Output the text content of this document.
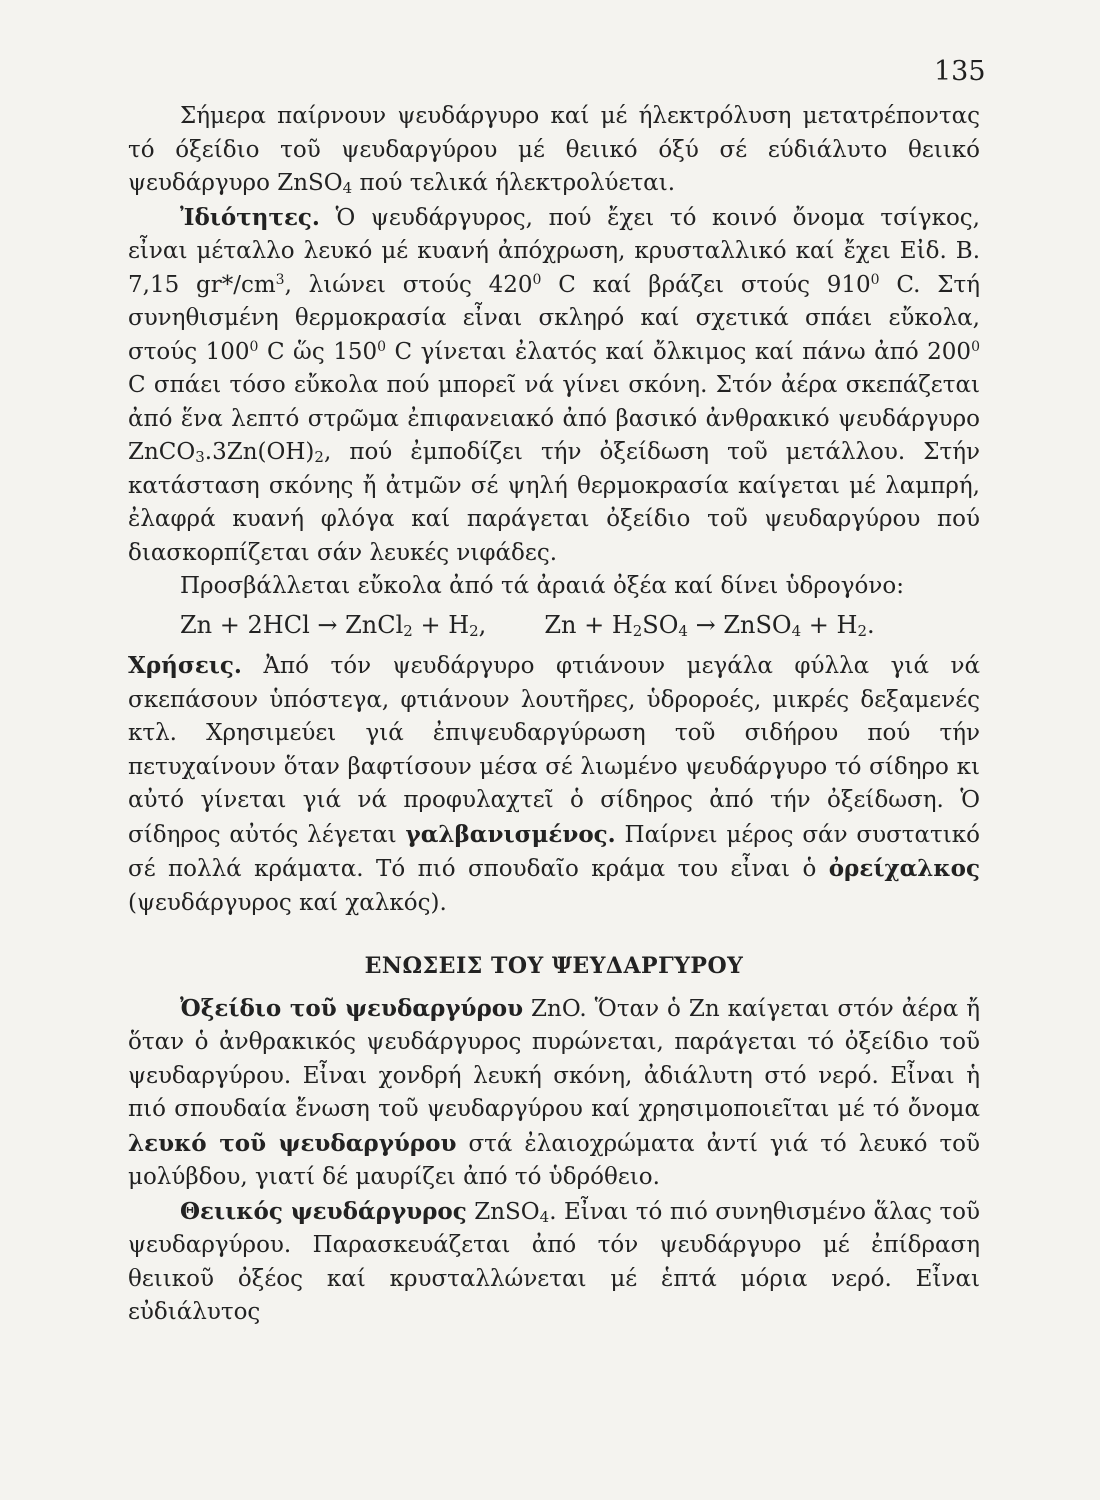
135

Σήμερα παίρνουν ψευδάργυρο καί μέ ήλεκτρόλυση μετατρέποντας τό όξείδιο τοῦ ψευδαργύρου μέ θειικό όξύ σέ εύδιάλυτο θειικό ψευδάργυρο ZnSO$_4$ πού τελικά ήλεκτρολύεται.

Ἰδιότητες. Ὁ ψευδάργυρος, πού ἔχει τό κοινό ὄνομα τσίγκος, εἶναι μέταλλο λευκό μέ κυανή ἀπόχρωση, κρυσταλλικό καί ἔχει Εἰδ. Β. 7,15 $gr*/cm^3$, λιώνει στούς $420^0$ C καί βράζει στούς $910^0$ C. Στή συνηθισμένη θερμοκρασία εἶναι σκληρό καί σχετικά σπάει εὔκολα, στούς $100^0$ C ὥς $150^0$ C γίνεται ἐλατός καί ὄλκιμος καί πάνω ἀπό $200^0$ C σπάει τόσο εὔκολα πού μπορεῖ νά γίνει σκόνη. Στόν ἀέρα σκεπάζεται ἀπό ἕνα λεπτό στρῶμα ἐπιφανειακό ἀπό βασικό ἀνθρακικό ψευδάργυρο $ZnCO_3.3Zn(OH)_2$, πού ἐμποδίζει τήν ὀξείδωση τοῦ μετάλλου. Στήν κατάσταση σκόνης ἤ ἀτμῶν σέ ψηλή θερμοκρασία καίγεται μέ λαμπρή, ἐλαφρά κυανή φλόγα καί παράγεται ὀξείδιο τοῦ ψευδαργύρου πού διασκορπίζεται σάν λευκές νιφάδες.

Προσβάλλεται εὔκολα ἀπό τά ἀραιά ὀξέα καί δίνει ὑδρογόνο:

Zn + 2HCl → ZnCl$_2$ + $H_2$, $Zn + H_2SO_4$ → ZnSO$_4$ + $H_2$.

Χρήσεις. Ἀπό τόν ψευδάργυρο φτιάνουν μεγάλα φύλλα γιά νά σκεπάσουν ὑπόστεγα, φτιάνουν λουτῆρες, ὑδροροές, μικρές δεξαμενές κτλ. Χρησιμεύει γιά ἐπιψευδαργύρωση τοῦ σιδήρου πού τήν πετυχαίνουν ὅταν βαφτίσουν μέσα σέ λιωμένο ψευδάργυρο τό σίδηρο κι αὐτό γίνεται γιά νά προφυλαχτεῖ ὁ σίδηρος ἀπό τήν ὀξείδωση. Ὁ σίδηρος αὐτός λέγεται γαλβανισμένος. Παίρνει μέρος σάν συστατικό σέ πολλά κράματα. Τό πιό σπουδαῖο κράμα του εἶναι ὁ ὀρείχαλκος (ψευδάργυρος καί χαλκός).

ΕΝΩΣΕΙΣ ΤΟΥ ΨΕΥΔΑΡΓΥΡΟΥ

Ὀξείδιο τοῦ ψευδαργύρου ZnO. Ὅταν ὁ Zn καίγεται στόν ἀέρα ἤ ὅταν ὁ ἀνθρακικός ψευδάργυρος πυρώνεται, παράγεται τό ὀξείδιο τοῦ ψευδαργύρου. Εἶναι χονδρή λευκή σκόνη, ἀδιάλυτη στό νερό. Εἶναι ἡ πιό σπουδαία ἔνωση τοῦ ψευδαργύρου καί χρησιμοποιεῖται μέ τό ὄνομα λευκό τοῦ ψευδαργύρου στά ἐλαιοχρώματα ἀντί γιά τό λευκό τοῦ μολύβδου, γιατί δέ μαυρίζει ἀπό τό ὑδρόθειο.

Θειικός ψευδάργυρος ZnSO$_4$. Εἶναι τό πιό συνηθισμένο ἅλας τοῦ ψευδαργύρου. Παρασκευάζεται ἀπό τόν ψευδάργυρο μέ ἐπίδραση θειικοῦ ὀξέος καί κρυσταλλώνεται μέ ἑπτά μόρια νερό. Εἶναι εὐδιάλυτος
